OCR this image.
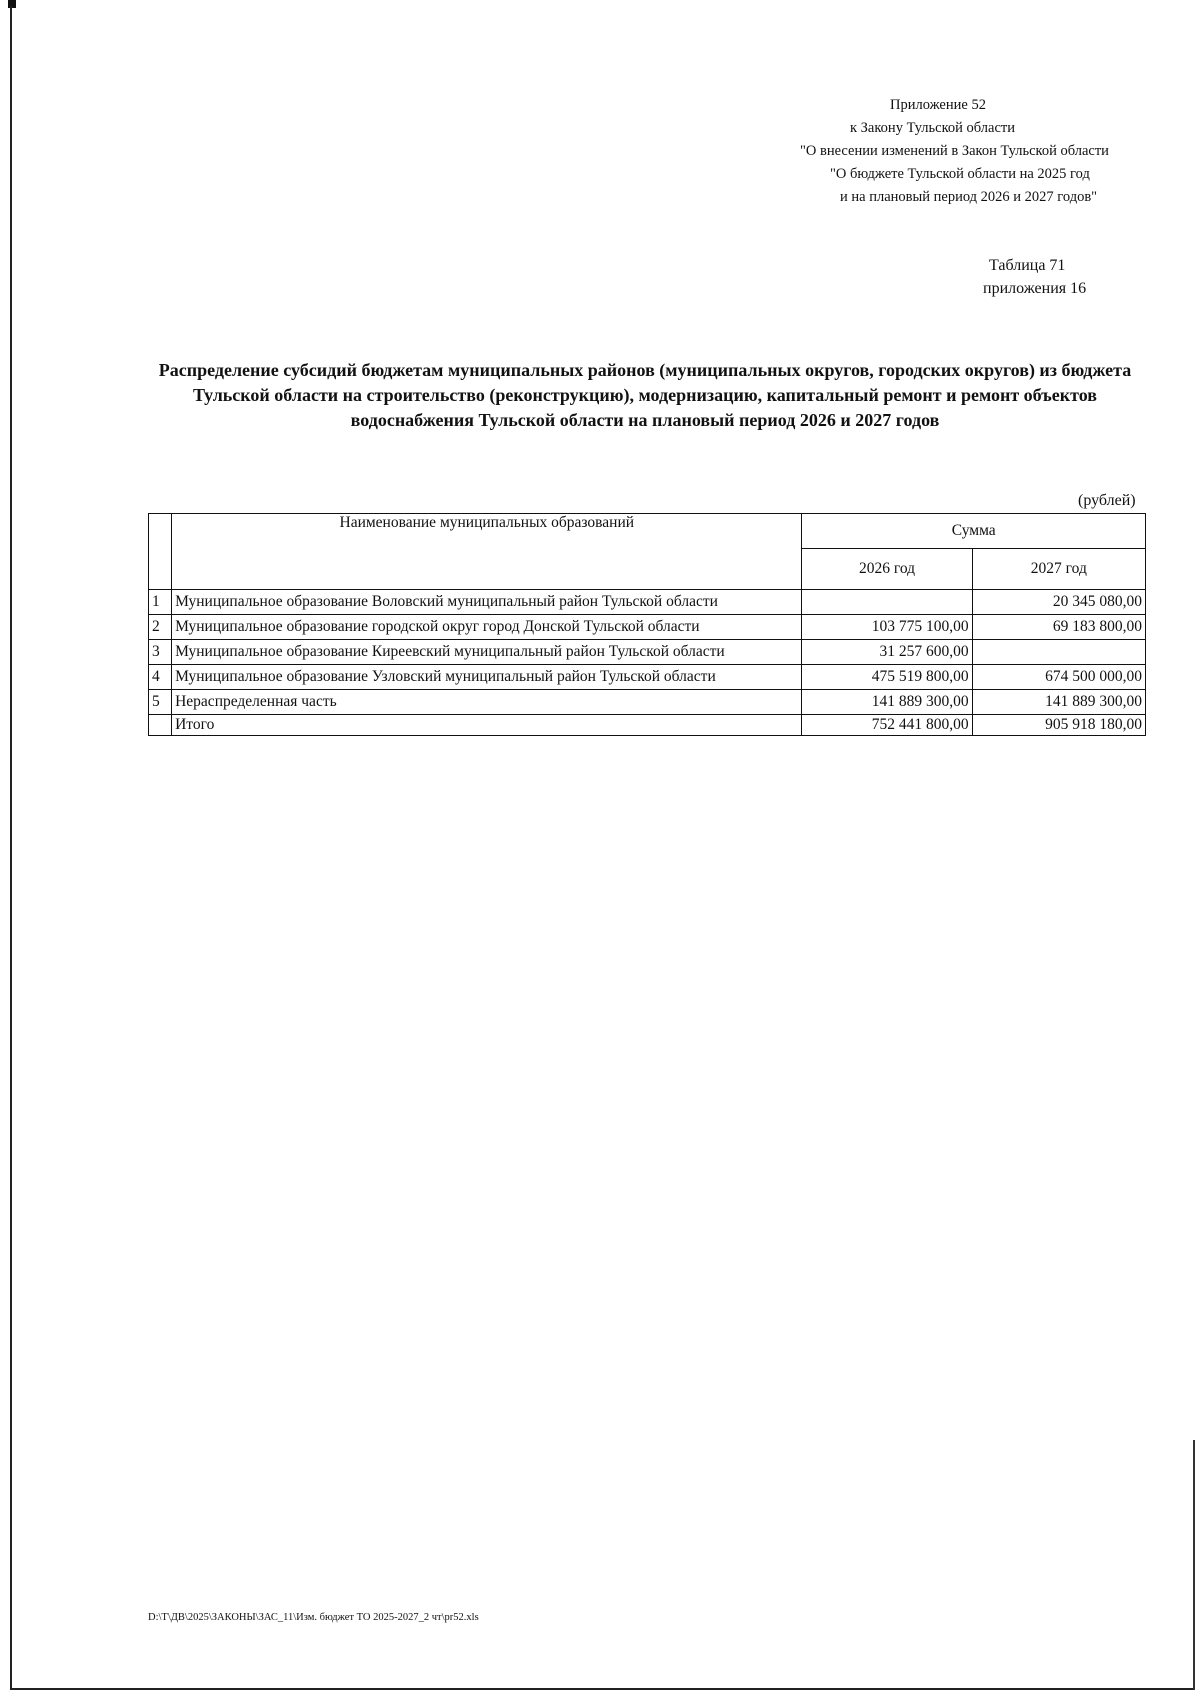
Приложение 52
к Закону Тульской области
"О внесении изменений в Закон Тульской области
"О бюджете Тульской области на 2025 год
и на плановый период 2026 и 2027 годов"
Таблица 71
приложения 16
Распределение субсидий бюджетам муниципальных районов (муниципальных округов, городских округов) из бюджета Тульской области на строительство (реконструкцию), модернизацию, капитальный ремонт и ремонт объектов водоснабжения Тульской области на плановый период 2026 и 2027 годов
(рублей)
	Наименование муниципальных образований	Сумма	
		2026 год	2027 год
1	Муниципальное образование Воловский муниципальный район Тульской области		20 345 080,00
2	Муниципальное образование городской округ город Донской Тульской области	103 775 100,00	69 183 800,00
3	Муниципальное образование Киреевский муниципальный район Тульской области	31 257 600,00	
4	Муниципальное образование Узловский муниципальный район Тульской области	475 519 800,00	674 500 000,00
5	Нераспределенная часть	141 889 300,00	141 889 300,00
	Итого	752 441 800,00	905 918 180,00
D:\Т\ДВ\2025\ЗАКОНЫ\ЗАС_11\Изм. бюджет ТО 2025-2027_2 чт\pr52.xls
